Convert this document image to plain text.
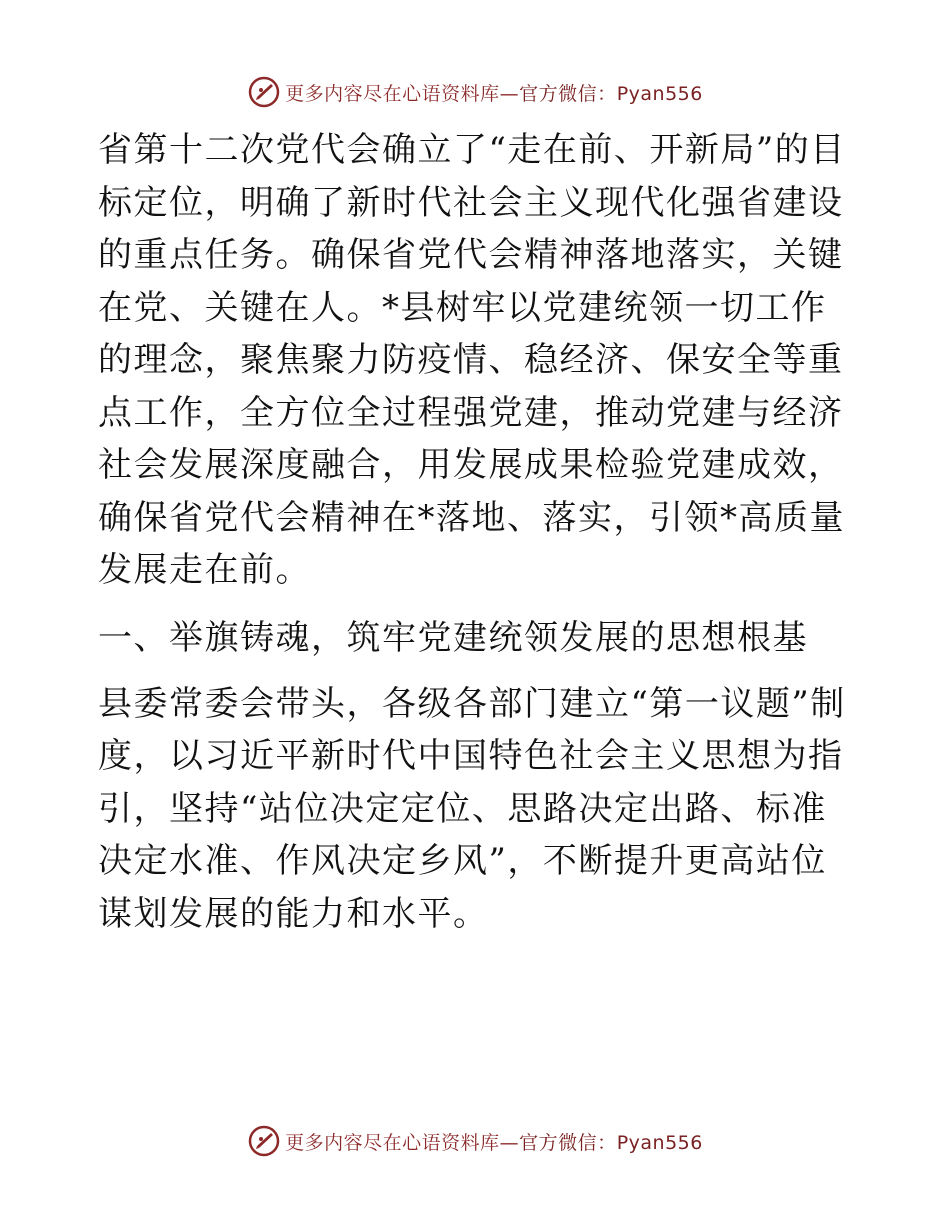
更多内容尽在心语资料库—官方微信：Pyan556

省第十二次党代会确立了“走在前、开新局”的目标定位，明确了新时代社会主义现代化强省建设的重点任务。确保省党代会精神落地落实，关键在党、关键在人。*县树牢以党建统领一切工作的理念，聚焦聚力防疫情、稳经济、保安全等重点工作，全方位全过程强党建，推动党建与经济社会发展深度融合，用发展成果检验党建成效，确保省党代会精神在*落地、落实，引领*高质量发展走在前。

一、举旗铸魂，筑牢党建统领发展的思想根基

县委常委会带头，各级各部门建立“第一议题”制度，以习近平新时代中国特色社会主义思想为指引，坚持“站位决定定位、思路决定出路、标准决定水准、作风决定乡风”，不断提升更高站位谋划发展的能力和水平。

更多内容尽在心语资料库—官方微信：Pyan556
